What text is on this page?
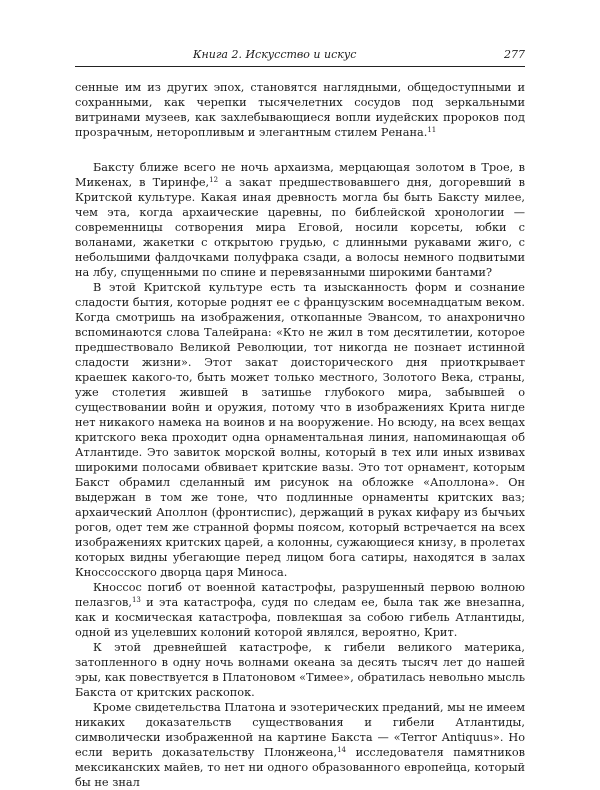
Книга 2. Искусство и искус	277

сенные им из других эпох, становятся наглядными, общедоступными и сохранными, как черепки тысячелетних сосудов под зеркальными витринами музеев, как захлебывающиеся вопли иудейских пророков под прозрачным, неторопливым и элегантным стилем Ренана.$^{11}$

Баксту ближе всего не ночь архаизма, мерцающая золотом в Трое, в Микенах, в Тиринфе,$^{12}$ а закат предшествовавшего дня, догоревший в Критской культуре. Какая иная древность могла бы быть Баксту милее, чем эта, когда архаические царевны, по библейской хронологии — современницы сотворения мира Еговой, носили корсеты, юбки с воланами, жакетки с открытою грудью, с длинными рукавами жиго, с небольшими фалдочками полуфрака сзади, а волосы немного подвитыми на лбу, спущенными по спине и перевязанными широкими бантами?

В этой Критской культуре есть та изысканность форм и сознание сладости бытия, которые роднят ее с французским восемнадцатым веком. Когда смотришь на изображения, откопанные Эвансом, то анахронично вспоминаются слова Талейрана: «Кто не жил в том десятилетии, которое предшествовало Великой Революции, тот никогда не познает истинной сладости жизни». Этот закат доисторического дня приоткрывает краешек какого-то, быть может только местного, Золотого Века, страны, уже столетия жившей в затишье глубокого мира, забывшей о существовании войн и оружия, потому что в изображениях Крита нигде нет никакого намека на воинов и на вооружение. Но всюду, на всех вещах критского века проходит одна орнаментальная линия, напоминающая об Атлантиде. Это завиток морской волны, который в тех или иных извивах широкими полосами обвивает критские вазы. Это тот орнамент, которым Бакст обрамил сделанный им рисунок на обложке «Аполлона». Он выдержан в том же тоне, что подлинные орнаменты критских ваз; архаический Аполлон (фронтиспис), держащий в руках кифару из бычьих рогов, одет тем же странной формы поясом, который встречается на всех изображениях критских царей, а колонны, сужающиеся книзу, в пролетах которых видны убегающие перед лицом бога сатиры, находятся в залах Кноссосского дворца царя Миноса.

Кноссос погиб от военной катастрофы, разрушенный первою волною пелазгов,$^{13}$ и эта катастрофа, судя по следам ее, была так же внезапна, как и космическая катастрофа, повлекшая за собою гибель Атлантиды, одной из уцелевших колоний которой являлся, вероятно, Крит.

К этой древнейшей катастрофе, к гибели великого материка, затопленного в одну ночь волнами океана за десять тысяч лет до нашей эры, как повествуется в Платоновом «Тимее», обратилась невольно мысль Бакста от критских раскопок.

Кроме свидетельства Платона и эзотерических преданий, мы не имеем никаких доказательств существования и гибели Атлантиды, символически изображенной на картине Бакста — «Terror Antiquus». Но если верить доказательству Плонжеона,$^{14}$ исследователя памятников мексиканских майев, то нет ни одного образованного европейца, который бы не знал
